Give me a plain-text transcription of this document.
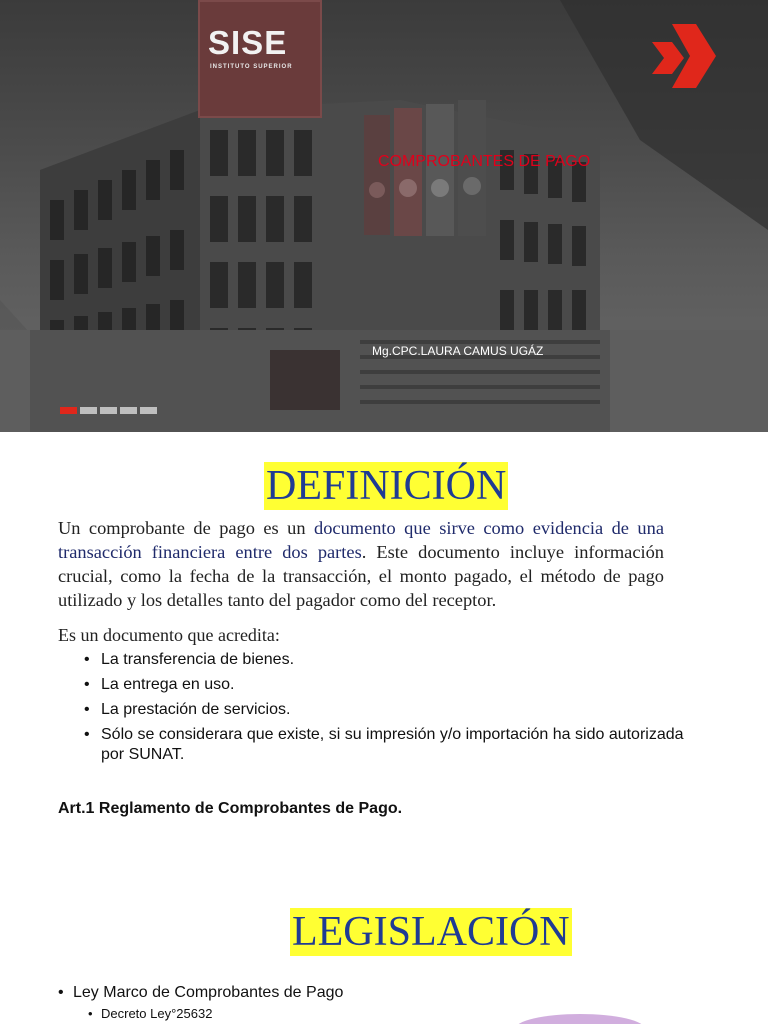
SISE
INSTITUTO SUPERIOR
COMPROBANTES DE PAGO
Mg.CPC.LAURA CAMUS UGÁZ
DEFINICIÓN

Un comprobante de pago es un documento que sirve como evidencia de una transacción financiera entre dos partes. Este documento incluye información crucial, como la fecha de la transacción, el monto pagado, el método de pago utilizado y los detalles tanto del pagador como del receptor.

Es un documento que acredita:

• La transferencia de bienes.
• La entrega en uso.
• La prestación de servicios.
• Sólo se considerara que existe, si su impresión y/o importación ha sido autorizada por SUNAT.

Art.1 Reglamento de Comprobantes de Pago.

LEGISLACIÓN
• Ley Marco de Comprobantes de Pago
• Decreto Ley°25632
